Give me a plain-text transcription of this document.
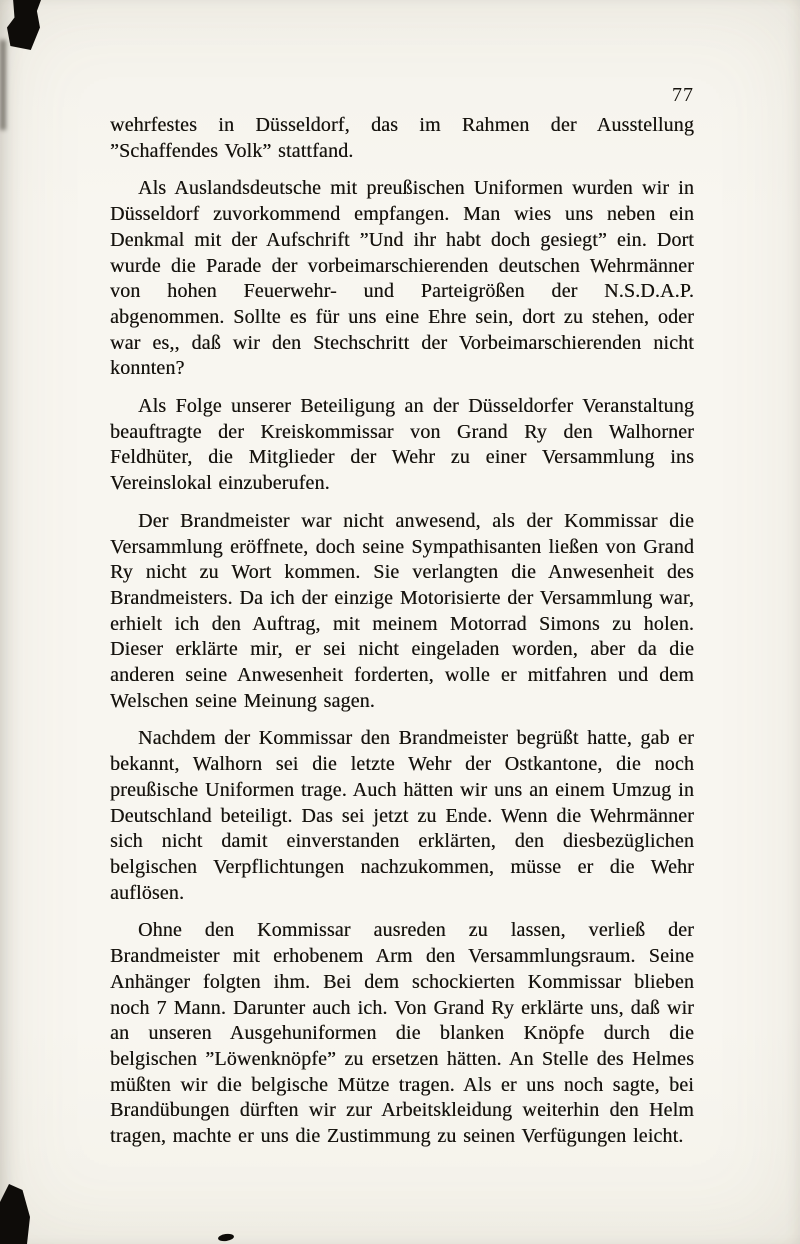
77

wehrfestes in Düsseldorf, das im Rahmen der Ausstellung ”Schaffendes Volk” stattfand.

Als Auslandsdeutsche mit preußischen Uniformen wurden wir in Düsseldorf zuvorkommend empfangen. Man wies uns neben ein Denkmal mit der Aufschrift ”Und ihr habt doch gesiegt” ein. Dort wurde die Parade der vorbeimarschierenden deutschen Wehrmänner von hohen Feuerwehr- und Parteigrößen der N.S.D.A.P. abgenommen. Sollte es für uns eine Ehre sein, dort zu stehen, oder war es,, daß wir den Stechschritt der Vorbeimarschierenden nicht konnten?

Als Folge unserer Beteiligung an der Düsseldorfer Veranstaltung beauftragte der Kreiskommissar von Grand Ry den Walhorner Feldhüter, die Mitglieder der Wehr zu einer Versammlung ins Vereinslokal einzuberufen.

Der Brandmeister war nicht anwesend, als der Kommissar die Versammlung eröffnete, doch seine Sympathisanten ließen von Grand Ry nicht zu Wort kommen. Sie verlangten die Anwesenheit des Brandmeisters. Da ich der einzige Motorisierte der Versammlung war, erhielt ich den Auftrag, mit meinem Motorrad Simons zu holen. Dieser erklärte mir, er sei nicht eingeladen worden, aber da die anderen seine Anwesenheit forderten, wolle er mitfahren und dem Welschen seine Meinung sagen.

Nachdem der Kommissar den Brandmeister begrüßt hatte, gab er bekannt, Walhorn sei die letzte Wehr der Ostkantone, die noch preußische Uniformen trage. Auch hätten wir uns an einem Umzug in Deutschland beteiligt. Das sei jetzt zu Ende. Wenn die Wehrmänner sich nicht damit einverstanden erklärten, den diesbezüglichen belgischen Verpflichtungen nachzukommen, müsse er die Wehr auflösen.

Ohne den Kommissar ausreden zu lassen, verließ der Brandmeister mit erhobenem Arm den Versammlungsraum. Seine Anhänger folgten ihm. Bei dem schockierten Kommissar blieben noch 7 Mann. Darunter auch ich. Von Grand Ry erklärte uns, daß wir an unseren Ausgehuniformen die blanken Knöpfe durch die belgischen ”Löwenknöpfe” zu ersetzen hätten. An Stelle des Helmes müßten wir die belgische Mütze tragen. Als er uns noch sagte, bei Brandübungen dürften wir zur Arbeitskleidung weiterhin den Helm tragen, machte er uns die Zustimmung zu seinen Verfügungen leicht.
